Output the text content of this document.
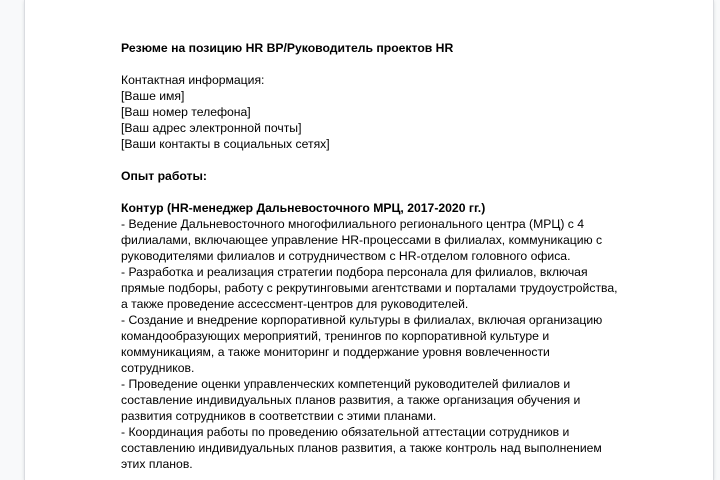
Резюме на позицию HR BP/Руководитель проектов HR
Контактная информация:
[Ваше имя]
[Ваш номер телефона]
[Ваш адрес электронной почты]
[Ваши контакты в социальных сетях]
Опыт работы:
Контур (HR-менеджер Дальневосточного МРЦ, 2017-2020 гг.)
- Ведение Дальневосточного многофилиального регионального центра (МРЦ) с 4
филиалами, включающее управление HR-процессами в филиалах, коммуникацию с
руководителями филиалов и сотрудничеством с HR-отделом головного офиса.
- Разработка и реализация стратегии подбора персонала для филиалов, включая
прямые подборы, работу с рекрутинговыми агентствами и порталами трудоустройства,
а также проведение ассессмент-центров для руководителей.
- Создание и внедрение корпоративной культуры в филиалах, включая организацию
командообразующих мероприятий, тренингов по корпоративной культуре и
коммуникациям, а также мониторинг и поддержание уровня вовлеченности
сотрудников.
- Проведение оценки управленческих компетенций руководителей филиалов и
составление индивидуальных планов развития, а также организация обучения и
развития сотрудников в соответствии с этими планами.
- Координация работы по проведению обязательной аттестации сотрудников и
составлению индивидуальных планов развития, а также контроль над выполнением
этих планов.
